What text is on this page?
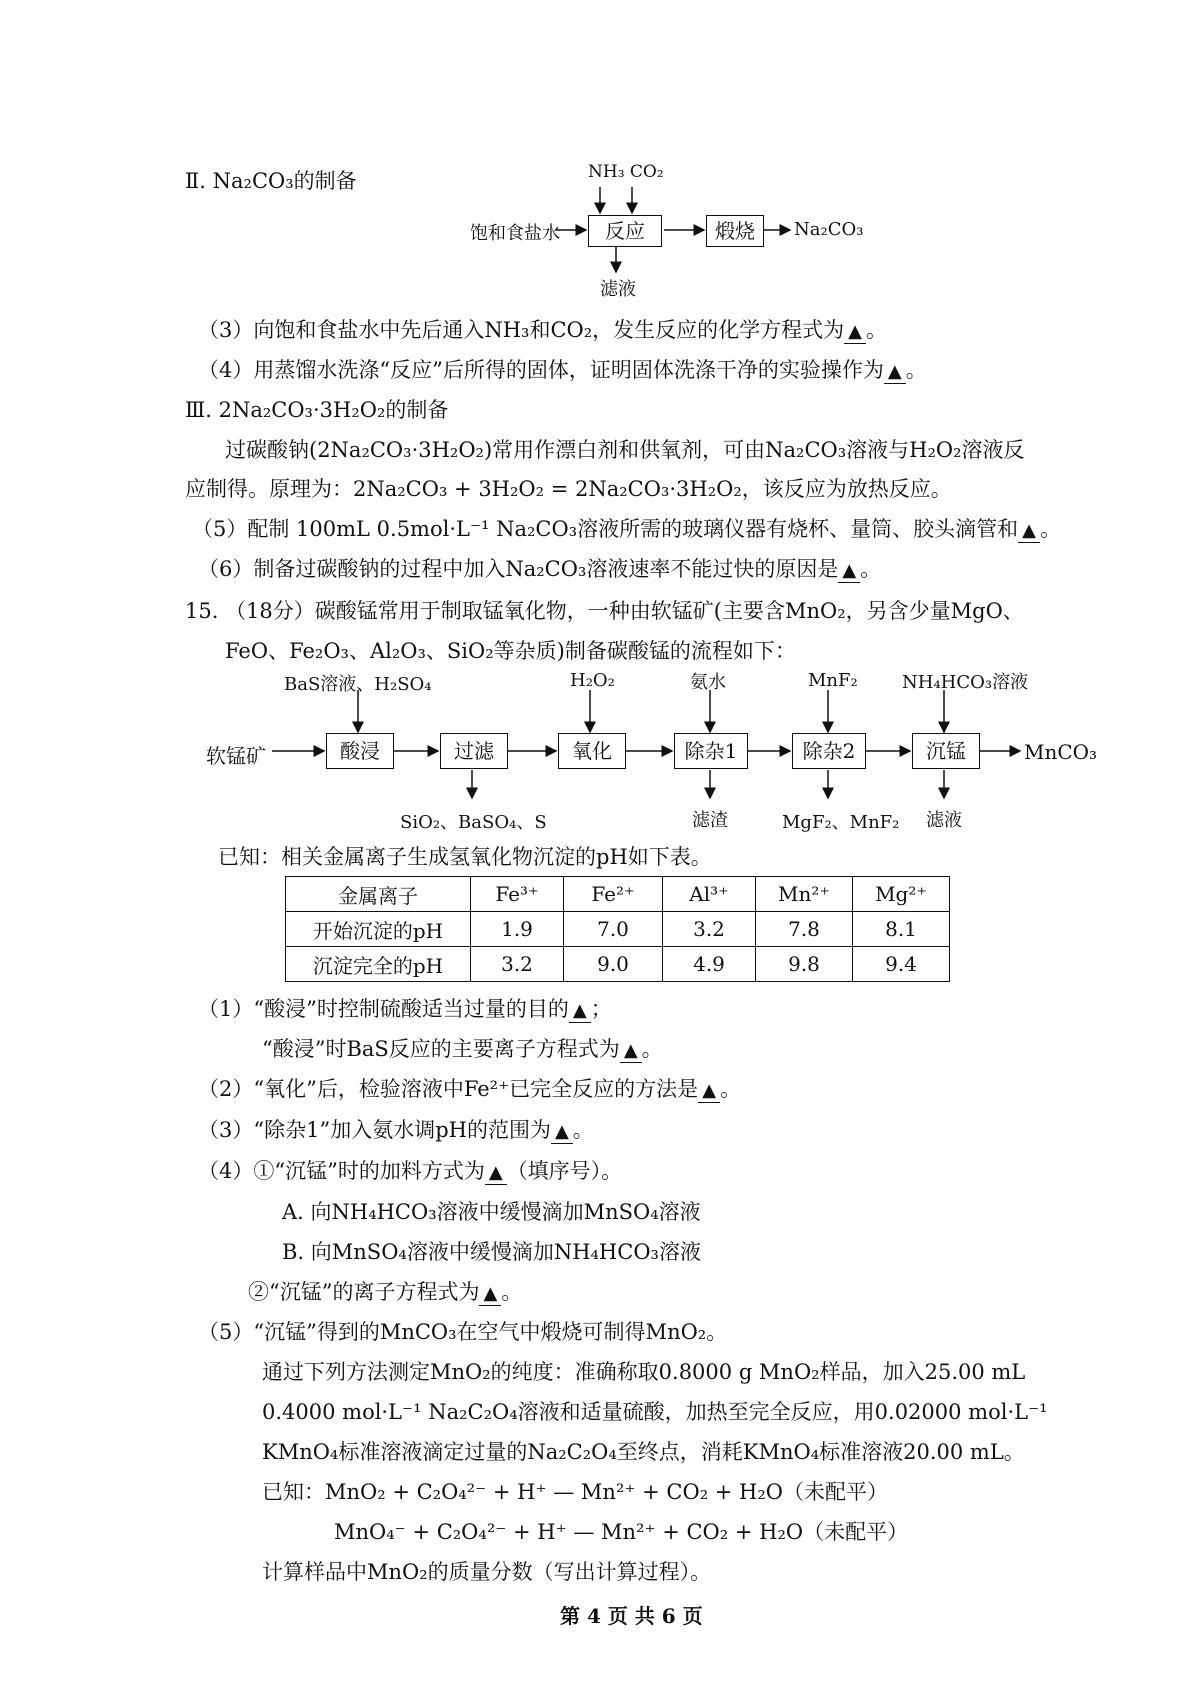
Ⅱ. Na₂CO₃的制备	NH₃ CO₂
饱和食盐水	反应	煅烧	Na₂CO₃
滤液
（3）向饱和食盐水中先后通入NH₃和CO₂，发生反应的化学方程式为 ▲ 。
（4）用蒸馏水洗涤“反应”后所得的固体，证明固体洗涤干净的实验操作为 ▲ 。
Ⅲ. 2Na₂CO₃·3H₂O₂的制备
过碳酸钠(2Na₂CO₃·3H₂O₂)常用作漂白剂和供氧剂，可由Na₂CO₃溶液与H₂O₂溶液反
应制得。原理为：2Na₂CO₃ + 3H₂O₂ = 2Na₂CO₃·3H₂O₂，该反应为放热反应。
（5）配制 100mL 0.5mol·L⁻¹ Na₂CO₃溶液所需的玻璃仪器有烧杯、量筒、胶头滴管和 ▲ 。
（6）制备过碳酸钠的过程中加入Na₂CO₃溶液速率不能过快的原因是 ▲ 。
15. （18分）碳酸锰常用于制取锰氧化物，一种由软锰矿(主要含MnO₂，另含少量MgO、
FeO、Fe₂O₃、Al₂O₃、SiO₂等杂质)制备碳酸锰的流程如下：
BaS溶液、H₂SO₄	H₂O₂	氨水	MnF₂ NH₄HCO₃溶液
软锰矿	酸浸	过滤	氧化	除杂1	除杂2	沉锰	MnCO₃
SiO₂、BaSO₄、S	滤渣	MgF₂、MnF₂ 滤液
已知：相关金属离子生成氢氧化物沉淀的pH如下表。
金属离子	Fe³⁺	Fe²⁺	Al³⁺	Mn²⁺	Mg²⁺
开始沉淀的pH	1.9	7.0	3.2	7.8	8.1
沉淀完全的pH	3.2	9.0	4.9	9.8	9.4
（1）“酸浸”时控制硫酸适当过量的目的 ▲ ；
“酸浸”时BaS反应的主要离子方程式为 ▲ 。
（2）“氧化”后，检验溶液中Fe²⁺已完全反应的方法是 ▲ 。
（3）“除杂1”加入氨水调pH的范围为 ▲ 。
（4）①“沉锰”时的加料方式为 ▲ （填序号）。
A. 向NH₄HCO₃溶液中缓慢滴加MnSO₄溶液
B. 向MnSO₄溶液中缓慢滴加NH₄HCO₃溶液
②“沉锰”的离子方程式为 ▲ 。
（5）“沉锰”得到的MnCO₃在空气中煅烧可制得MnO₂。
通过下列方法测定MnO₂的纯度：准确称取0.8000 g MnO₂样品，加入25.00 mL
0.4000 mol·L⁻¹ Na₂C₂O₄溶液和适量硫酸，加热至完全反应，用0.02000 mol·L⁻¹
KMnO₄标准溶液滴定过量的Na₂C₂O₄至终点，消耗KMnO₄标准溶液20.00 mL。
已知：MnO₂ + C₂O₄²⁻ + H⁺ — Mn²⁺ + CO₂ + H₂O（未配平）
MnO₄⁻ + C₂O₄²⁻ + H⁺ — Mn²⁺ + CO₂ + H₂O（未配平）
计算样品中MnO₂的质量分数（写出计算过程）。
第 4 页 共 6 页
